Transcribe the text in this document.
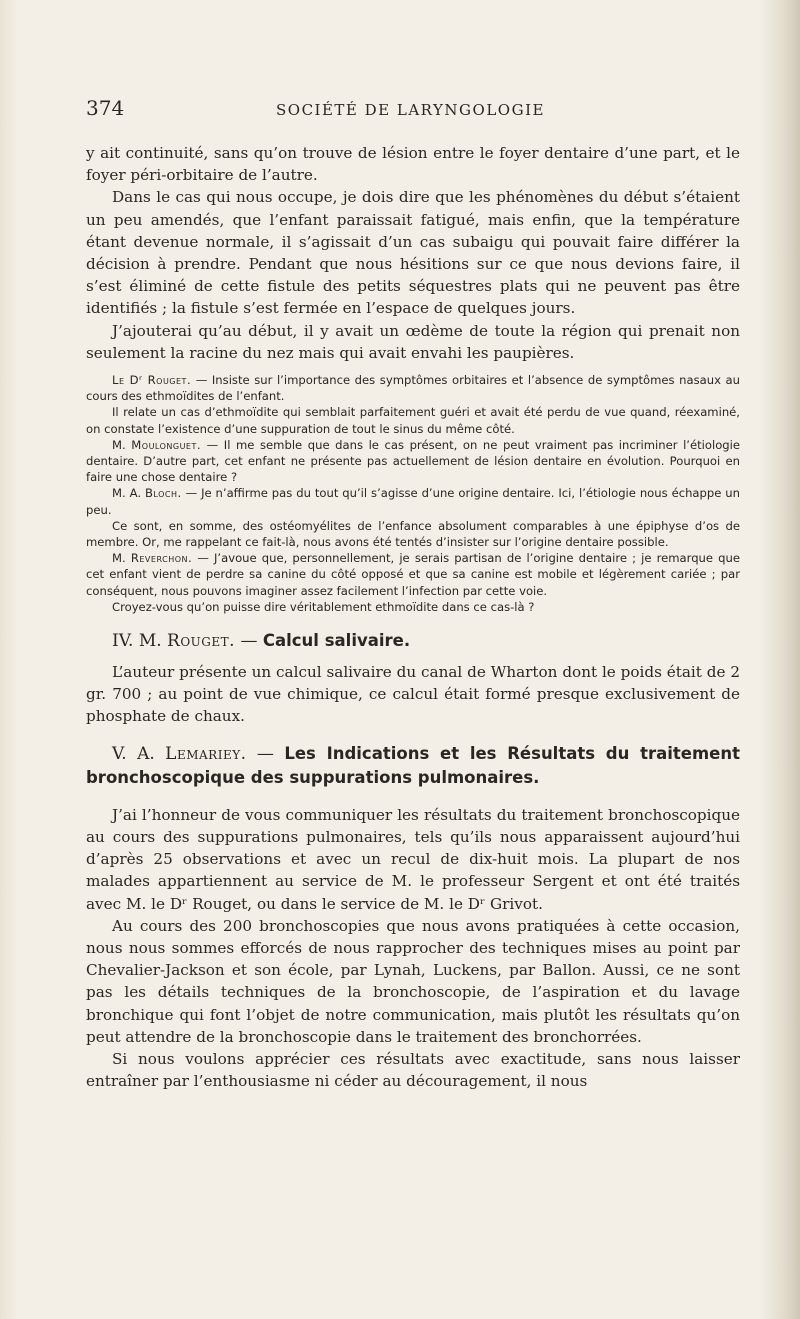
374	SOCIÉTÉ DE LARYNGOLOGIE

y ait continuité, sans qu’on trouve de lésion entre le foyer dentaire d’une part, et le foyer péri-orbitaire de l’autre.

Dans le cas qui nous occupe, je dois dire que les phénomènes du début s’étaient un peu amendés, que l’enfant paraissait fatigué, mais enfin, que la température étant devenue normale, il s’agissait d’un cas subaigu qui pouvait faire différer la décision à prendre. Pendant que nous hésitions sur ce que nous devions faire, il s’est éliminé de cette fistule des petits séquestres plats qui ne peuvent pas être identifiés ; la fistule s’est fermée en l’espace de quelques jours.

J’ajouterai qu’au début, il y avait un œdème de toute la région qui prenait non seulement la racine du nez mais qui avait envahi les paupières.

Le Dʳ Rouget. — Insiste sur l’importance des symptômes orbitaires et l’absence de symptômes nasaux au cours des ethmoïdites de l’enfant.

Il relate un cas d’ethmoïdite qui semblait parfaitement guéri et avait été perdu de vue quand, réexaminé, on constate l’existence d’une suppuration de tout le sinus du même côté.

M. Moulonguet. — Il me semble que dans le cas présent, on ne peut vraiment pas incriminer l’étiologie dentaire. D’autre part, cet enfant ne présente pas actuellement de lésion dentaire en évolution. Pourquoi en faire une chose dentaire ?

M. A. Bloch. — Je n’affirme pas du tout qu’il s’agisse d’une origine dentaire. Ici, l’étiologie nous échappe un peu.

Ce sont, en somme, des ostéomyélites de l’enfance absolument comparables à une épiphyse d’os de membre. Or, me rappelant ce fait-là, nous avons été tentés d’insister sur l’origine dentaire possible.

M. Reverchon. — J’avoue que, personnellement, je serais partisan de l’origine dentaire ; je remarque que cet enfant vient de perdre sa canine du côté opposé et que sa canine est mobile et légèrement cariée ; par conséquent, nous pouvons imaginer assez facilement l’infection par cette voie.

Croyez-vous qu’on puisse dire véritablement ethmoïdite dans ce cas-là ?

IV. M. Rouget. — Calcul salivaire.

L’auteur présente un calcul salivaire du canal de Wharton dont le poids était de 2 gr. 700 ; au point de vue chimique, ce calcul était formé presque exclusivement de phosphate de chaux.

V. A. Lemariey. — Les Indications et les Résultats du traitement bronchoscopique des suppurations pulmonaires.

J’ai l’honneur de vous communiquer les résultats du traitement bronchoscopique au cours des suppurations pulmonaires, tels qu’ils nous apparaissent aujourd’hui d’après 25 observations et avec un recul de dix-huit mois. La plupart de nos malades appartiennent au service de M. le professeur Sergent et ont été traités avec M. le Dʳ Rouget, ou dans le service de M. le Dʳ Grivot.

Au cours des 200 bronchoscopies que nous avons pratiquées à cette occasion, nous nous sommes efforcés de nous rapprocher des techniques mises au point par Chevalier-Jackson et son école, par Lynah, Luckens, par Ballon. Aussi, ce ne sont pas les détails techniques de la bronchoscopie, de l’aspiration et du lavage bronchique qui font l’objet de notre communication, mais plutôt les résultats qu’on peut attendre de la bronchoscopie dans le traitement des bronchorrées.

Si nous voulons apprécier ces résultats avec exactitude, sans nous laisser entraîner par l’enthousiasme ni céder au découragement, il nous
